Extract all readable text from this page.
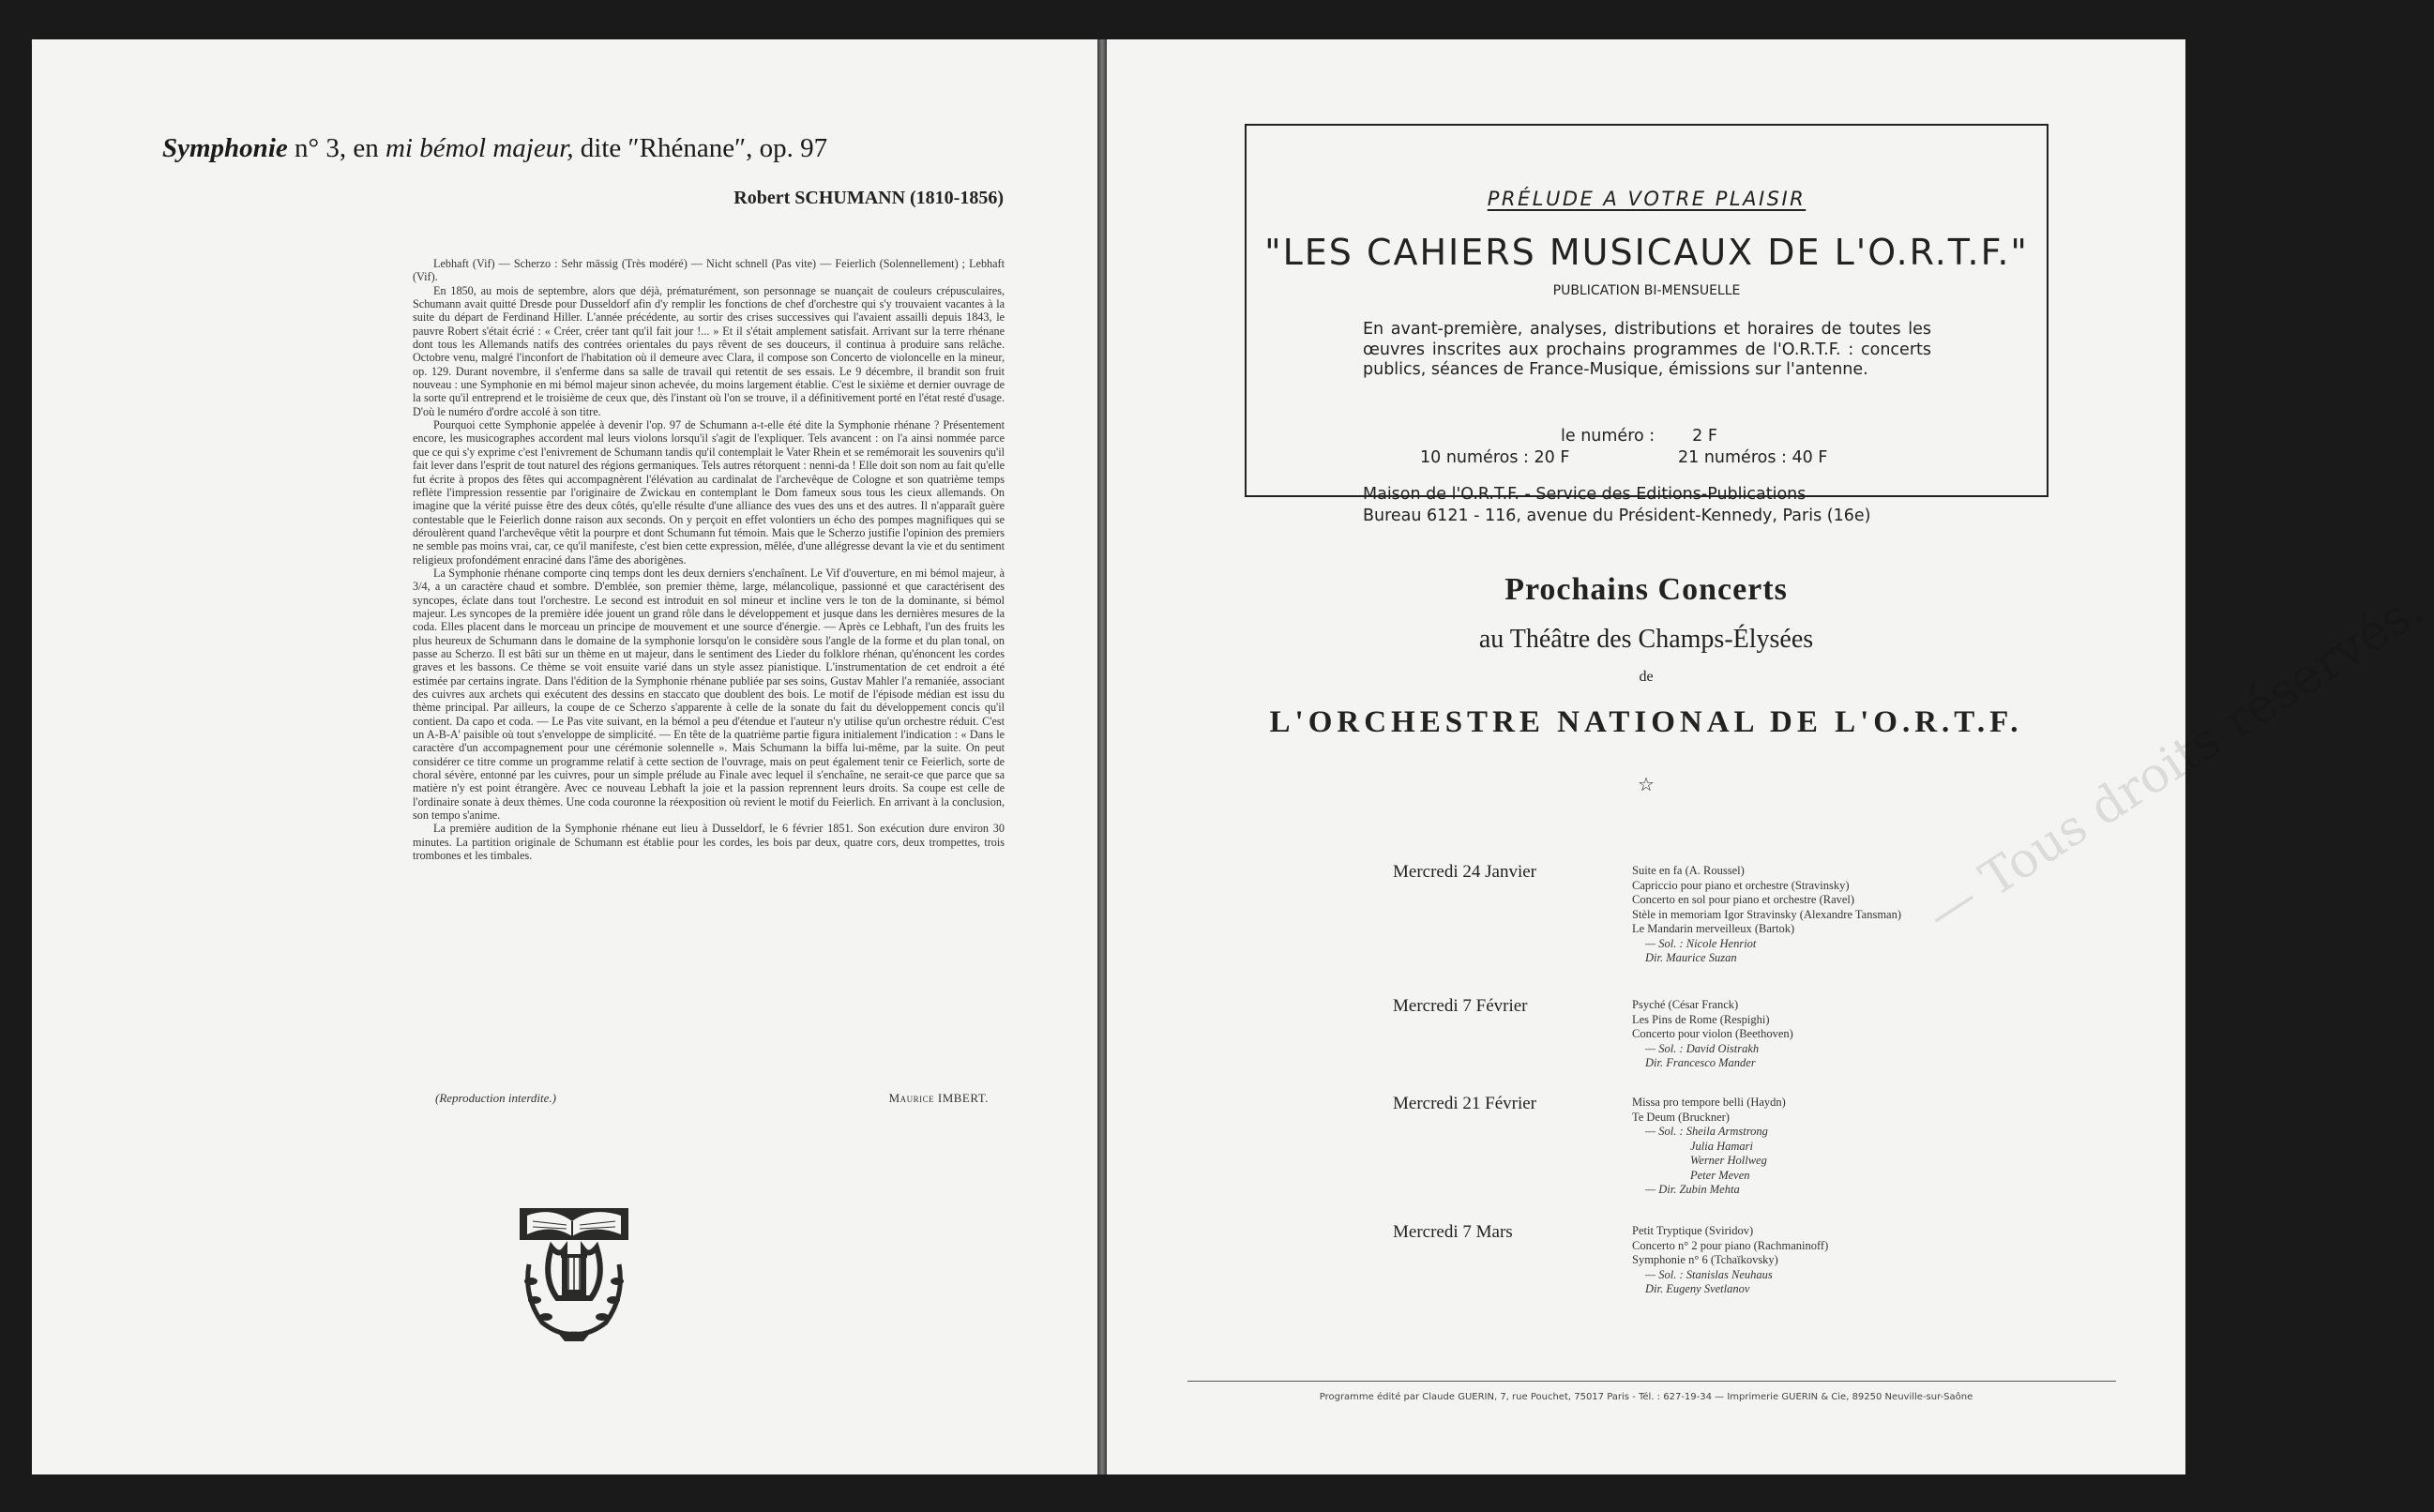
Symphonie n° 3, en mi bémol majeur, dite ″Rhénane″, op. 97
Robert SCHUMANN (1810-1856)

Lebhaft (Vif) — Scherzo : Sehr mässig (Très modéré) — Nicht schnell (Pas vite) — Feierlich (Solennellement) ; Lebhaft (Vif).

En 1850, au mois de septembre, alors que déjà, prématurément, son personnage se nuançait de couleurs crépusculaires, Schumann avait quitté Dresde pour Dusseldorf afin d'y remplir les fonctions de chef d'orchestre qui s'y trouvaient vacantes à la suite du départ de Ferdinand Hiller. L'année précédente, au sortir des crises successives qui l'avaient assailli depuis 1843, le pauvre Robert s'était écrié : « Créer, créer tant qu'il fait jour !... » Et il s'était amplement satisfait. Arrivant sur la terre rhénane dont tous les Allemands natifs des contrées orientales du pays rêvent de ses douceurs, il continua à produire sans relâche. Octobre venu, malgré l'inconfort de l'habitation où il demeure avec Clara, il compose son Concerto de violoncelle en la mineur, op. 129. Durant novembre, il s'enferme dans sa salle de travail qui retentit de ses essais. Le 9 décembre, il brandit son fruit nouveau : une Symphonie en mi bémol majeur sinon achevée, du moins largement établie. C'est le sixième et dernier ouvrage de la sorte qu'il entreprend et le troisième de ceux que, dès l'instant où l'on se trouve, il a définitivement porté en l'état resté d'usage. D'où le numéro d'ordre accolé à son titre.

Pourquoi cette Symphonie appelée à devenir l'op. 97 de Schumann a-t-elle été dite la Symphonie rhénane ? Présentement encore, les musicographes accordent mal leurs violons lorsqu'il s'agit de l'expliquer. Tels avancent : on l'a ainsi nommée parce que ce qui s'y exprime c'est l'enivrement de Schumann tandis qu'il contemplait le Vater Rhein et se remémorait les souvenirs qu'il fait lever dans l'esprit de tout naturel des régions germaniques. Tels autres rétorquent : nenni-da ! Elle doit son nom au fait qu'elle fut écrite à propos des fêtes qui accompagnèrent l'élévation au cardinalat de l'archevêque de Cologne et son quatrième temps reflète l'impression ressentie par l'originaire de Zwickau en contemplant le Dom fameux sous tous les cieux allemands. On imagine que la vérité puisse être des deux côtés, qu'elle résulte d'une alliance des vues des uns et des autres. Il n'apparaît guère contestable que le Feierlich donne raison aux seconds. On y perçoit en effet volontiers un écho des pompes magnifiques qui se déroulèrent quand l'archevêque vêtit la pourpre et dont Schumann fut témoin. Mais que le Scherzo justifie l'opinion des premiers ne semble pas moins vrai, car, ce qu'il manifeste, c'est bien cette expression, mêlée, d'une allégresse devant la vie et du sentiment religieux profondément enraciné dans l'âme des aborigènes.

La Symphonie rhénane comporte cinq temps dont les deux derniers s'enchaînent. Le Vif d'ouverture, en mi bémol majeur, à 3/4, a un caractère chaud et sombre. D'emblée, son premier thème, large, mélancolique, passionné et que caractérisent des syncopes, éclate dans tout l'orchestre. Le second est introduit en sol mineur et incline vers le ton de la dominante, si bémol majeur. Les syncopes de la première idée jouent un grand rôle dans le développement et jusque dans les dernières mesures de la coda. Elles placent dans le morceau un principe de mouvement et une source d'énergie. — Après ce Lebhaft, l'un des fruits les plus heureux de Schumann dans le domaine de la symphonie lorsqu'on le considère sous l'angle de la forme et du plan tonal, on passe au Scherzo. Il est bâti sur un thème en ut majeur, dans le sentiment des Lieder du folklore rhénan, qu'énoncent les cordes graves et les bassons. Ce thème se voit ensuite varié dans un style assez pianistique. L'instrumentation de cet endroit a été estimée par certains ingrate. Dans l'édition de la Symphonie rhénane publiée par ses soins, Gustav Mahler l'a remaniée, associant des cuivres aux archets qui exécutent des dessins en staccato que doublent des bois. Le motif de l'épisode médian est issu du thème principal. Par ailleurs, la coupe de ce Scherzo s'apparente à celle de la sonate du fait du développement concis qu'il contient. Da capo et coda. — Le Pas vite suivant, en la bémol a peu d'étendue et l'auteur n'y utilise qu'un orchestre réduit. C'est un A-B-A' paisible où tout s'enveloppe de simplicité. — En tête de la quatrième partie figura initialement l'indication : « Dans le caractère d'un accompagnement pour une cérémonie solennelle ». Mais Schumann la biffa lui-même, par la suite. On peut considérer ce titre comme un programme relatif à cette section de l'ouvrage, mais on peut également tenir ce Feierlich, sorte de choral sévère, entonné par les cuivres, pour un simple prélude au Finale avec lequel il s'enchaîne, ne serait-ce que parce que sa matière n'y est point étrangère. Avec ce nouveau Lebhaft la joie et la passion reprennent leurs droits. Sa coupe est celle de l'ordinaire sonate à deux thèmes. Une coda couronne la réexposition où revient le motif du Feierlich. En arrivant à la conclusion, son tempo s'anime.

La première audition de la Symphonie rhénane eut lieu à Dusseldorf, le 6 février 1851. Son exécution dure environ 30 minutes. La partition originale de Schumann est établie pour les cordes, les bois par deux, quatre cors, deux trompettes, trois trombones et les timbales.

(Reproduction interdite.)	Maurice IMBERT.
PRÉLUDE A VOTRE PLAISIR
"LES CAHIERS MUSICAUX DE L'O.R.T.F."
PUBLICATION BI-MENSUELLE
En avant-première, analyses, distributions et horaires de toutes les œuvres inscrites aux prochains programmes de l'O.R.T.F. : concerts publics, séances de France-Musique, émissions sur l'antenne.
le numéro : 2 F
10 numéros : 20 F	21 numéros : 40 F
Maison de l'O.R.T.F. - Service des Editions-Publications
Bureau 6121 - 116, avenue du Président-Kennedy, Paris (16e)
— Tous droits réservés.
Prochains Concerts
au Théâtre des Champs-Élysées
de
L'ORCHESTRE NATIONAL DE L'O.R.T.F.
☆
Mercredi 24 Janvier	Suite en fa (A. Roussel)
Capriccio pour piano et orchestre (Stravinsky)
Concerto en sol pour piano et orchestre (Ravel)
Stèle in memoriam Igor Stravinsky (Alexandre Tansman)
Le Mandarin merveilleux (Bartok)
— Sol. : Nicole Henriot
Dir. Maurice Suzan
Mercredi 7 Février	Psyché (César Franck)
Les Pins de Rome (Respighi)
Concerto pour violon (Beethoven)
— Sol. : David Oistrakh
Dir. Francesco Mander
Mercredi 21 Février	Missa pro tempore belli (Haydn)
Te Deum (Bruckner)
— Sol. : Sheila Armstrong
Julia Hamari
Werner Hollweg
Peter Meven
— Dir. Zubin Mehta
Mercredi 7 Mars	Petit Tryptique (Sviridov)
Concerto n° 2 pour piano (Rachmaninoff)
Symphonie n° 6 (Tchaïkovsky)
— Sol. : Stanislas Neuhaus
Dir. Eugeny Svetlanov
Programme édité par Claude GUERIN, 7, rue Pouchet, 75017 Paris - Tél. : 627-19-34 — Imprimerie GUERIN & Cie, 89250 Neuville-sur-Saône
